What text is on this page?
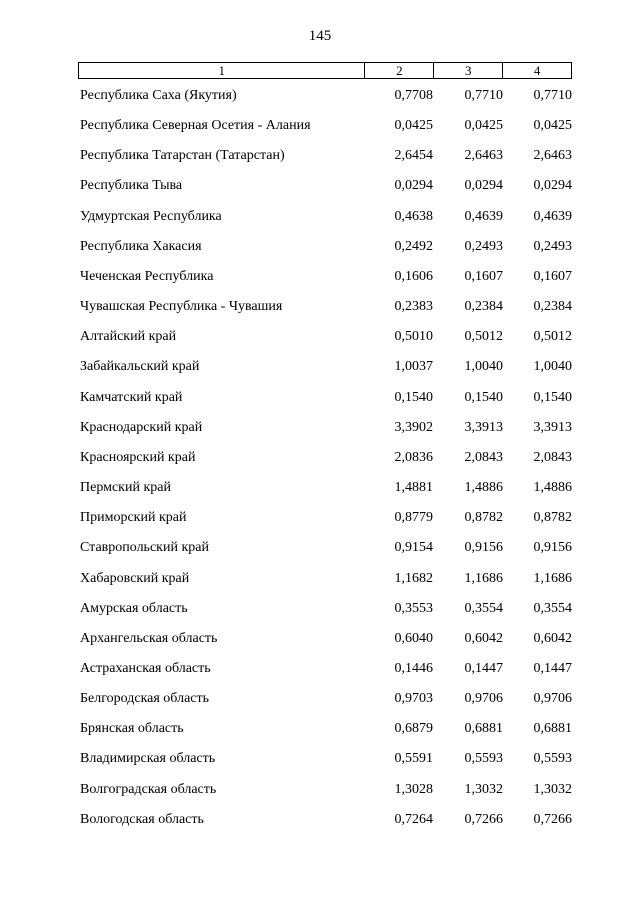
145
1	2	3	4
Республика Саха (Якутия)	0,7708 0,7710 0,7710
Республика Северная Осетия - Алания	0,0425 0,0425 0,0425
Республика Татарстан (Татарстан)	2,6454 2,6463 2,6463
Республика Тыва	0,0294 0,0294 0,0294
Удмуртская Республика	0,4638 0,4639 0,4639
Республика Хакасия	0,2492 0,2493 0,2493
Чеченская Республика	0,1606 0,1607 0,1607
Чувашская Республика - Чувашия	0,2383 0,2384 0,2384
Алтайский край	0,5010 0,5012 0,5012
Забайкальский край	1,0037 1,0040 1,0040
Камчатский край	0,1540 0,1540 0,1540
Краснодарский край	3,3902 3,3913 3,3913
Красноярский край	2,0836 2,0843 2,0843
Пермский край	1,4881 1,4886 1,4886
Приморский край	0,8779 0,8782 0,8782
Ставропольский край	0,9154 0,9156 0,9156
Хабаровский край	1,1682 1,1686 1,1686
Амурская область	0,3553 0,3554 0,3554
Архангельская область	0,6040 0,6042 0,6042
Астраханская область	0,1446 0,1447 0,1447
Белгородская область	0,9703 0,9706 0,9706
Брянская область	0,6879 0,6881 0,6881
Владимирская область	0,5591 0,5593 0,5593
Волгоградская область	1,3028 1,3032 1,3032
Вологодская область	0,7264 0,7266 0,7266
